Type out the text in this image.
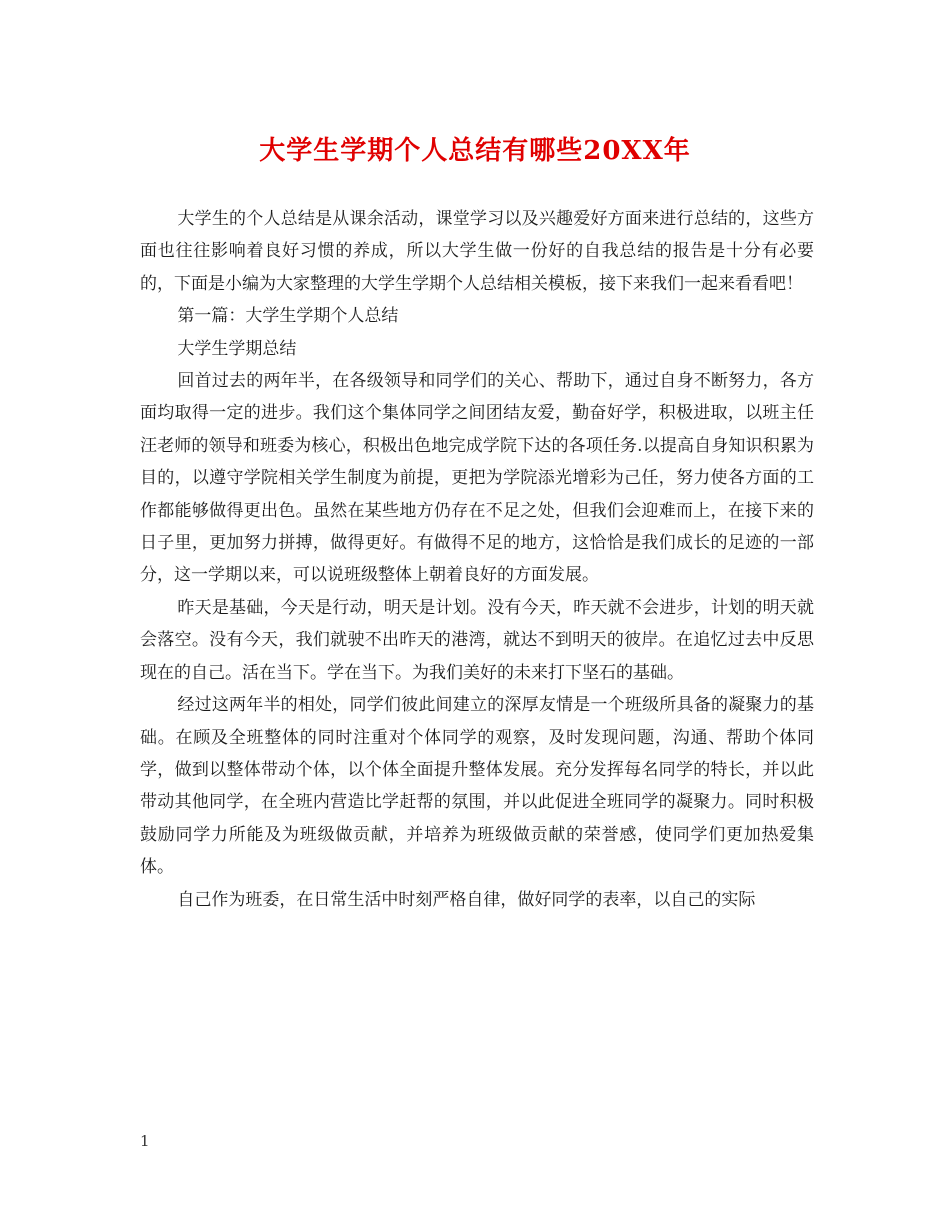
大学生学期个人总结有哪些20XX年

大学生的个人总结是从课余活动，课堂学习以及兴趣爱好方面来进行总结的，这些方面也往往影响着良好习惯的养成，所以大学生做一份好的自我总结的报告是十分有必要的，下面是小编为大家整理的大学生学期个人总结相关模板，接下来我们一起来看看吧！

第一篇：大学生学期个人总结

大学生学期总结

回首过去的两年半，在各级领导和同学们的关心、帮助下，通过自身不断努力，各方面均取得一定的进步。我们这个集体同学之间团结友爱，勤奋好学，积极进取，以班主任汪老师的领导和班委为核心，积极出色地完成学院下达的各项任务.以提高自身知识积累为目的，以遵守学院相关学生制度为前提，更把为学院添光增彩为己任，努力使各方面的工作都能够做得更出色。虽然在某些地方仍存在不足之处，但我们会迎难而上，在接下来的日子里，更加努力拼搏，做得更好。有做得不足的地方，这恰恰是我们成长的足迹的一部分，这一学期以来，可以说班级整体上朝着良好的方面发展。

昨天是基础，今天是行动，明天是计划。没有今天，昨天就不会进步，计划的明天就会落空。没有今天，我们就驶不出昨天的港湾，就达不到明天的彼岸。在追忆过去中反思现在的自己。活在当下。学在当下。为我们美好的未来打下坚石的基础。

经过这两年半的相处，同学们彼此间建立的深厚友情是一个班级所具备的凝聚力的基础。在顾及全班整体的同时注重对个体同学的观察，及时发现问题，沟通、帮助个体同学，做到以整体带动个体，以个体全面提升整体发展。充分发挥每名同学的特长，并以此带动其他同学，在全班内营造比学赶帮的氛围，并以此促进全班同学的凝聚力。同时积极鼓励同学力所能及为班级做贡献，并培养为班级做贡献的荣誉感，使同学们更加热爱集体。

自己作为班委，在日常生活中时刻严格自律，做好同学的表率，以自己的实际

1
